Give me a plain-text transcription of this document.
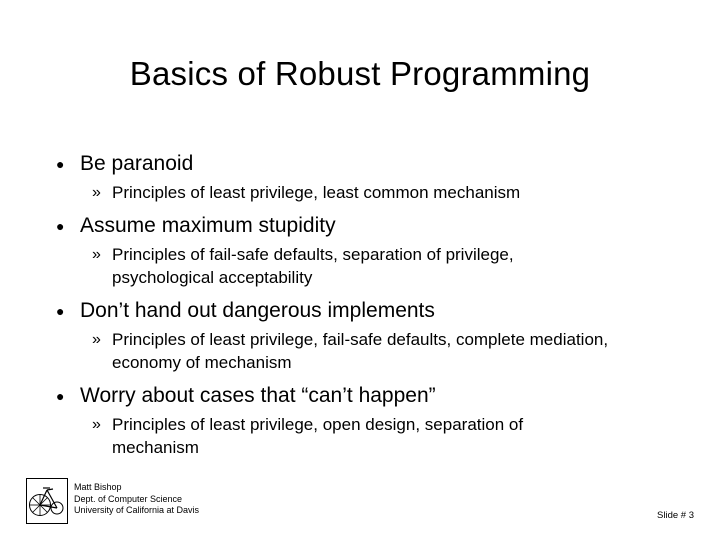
Basics of Robust Programming
● Be paranoid
» Principles of least privilege, least common mechanism
● Assume maximum stupidity
» Principles of fail-safe defaults, separation of privilege, psychological acceptability
● Don’t hand out dangerous implements
» Principles of least privilege, fail-safe defaults, complete mediation, economy of mechanism
● Worry about cases that “can’t happen”
» Principles of least privilege, open design, separation of mechanism
Matt Bishop
Dept. of Computer Science
University of California at Davis	Slide # 3
